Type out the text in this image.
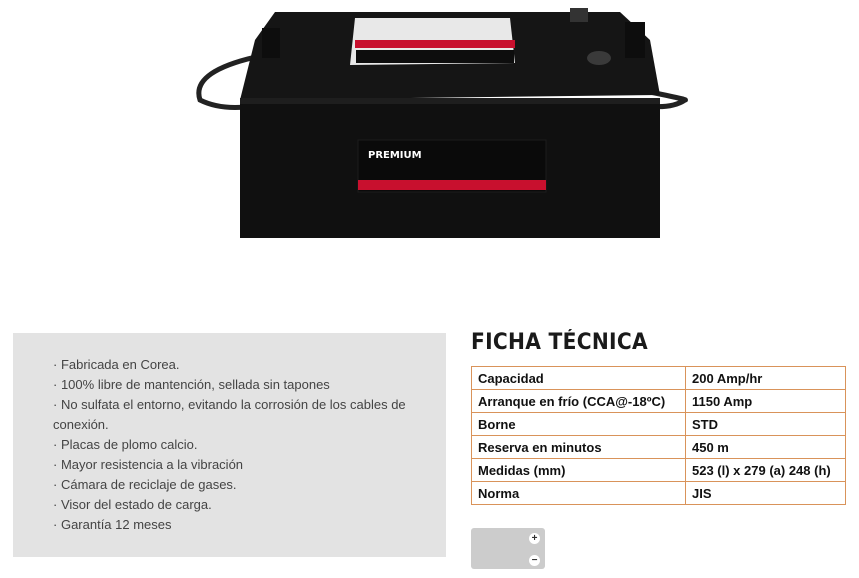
PREMIUM
· Fabricada en Corea.
· 100% libre de mantención, sellada sin tapones
· No sulfata el entorno, evitando la corrosión de los cables de conexión.
· Placas de plomo calcio.
· Mayor resistencia a la vibración
· Cámara de reciclaje de gases.
· Visor del estado de carga.
· Garantía 12 meses
FICHA TÉCNICA
Capacidad	200 Amp/hr
Arranque en frío (CCA@-18ºC)	1150 Amp
Borne	STD
Reserva en minutos	450 m
Medidas (mm)	523 (l) x 279 (a) 248 (h)
Norma	JIS
+
−
